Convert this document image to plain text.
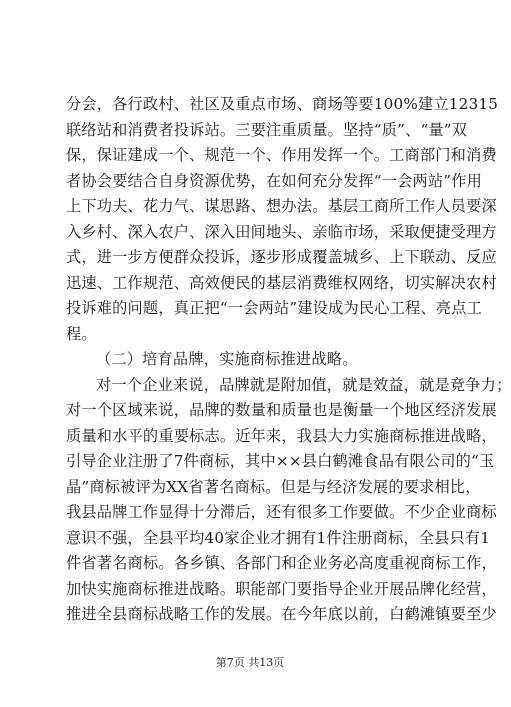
分会，各行政村、社区及重点市场、商场等要100%建立12315
联络站和消费者投诉站。三要注重质量。坚持“质”、“量”双
保，保证建成一个、规范一个、作用发挥一个。工商部门和消费
者协会要结合自身资源优势，在如何充分发挥“一会两站”作用
上下功夫、花力气、谋思路、想办法。基层工商所工作人员要深
入乡村、深入农户、深入田间地头、亲临市场，采取便捷受理方
式，进一步方便群众投诉，逐步形成覆盖城乡、上下联动、反应
迅速、工作规范、高效便民的基层消费维权网络，切实解决农村
投诉难的问题，真正把“一会两站”建设成为民心工程、亮点工
程。
（二）培育品牌，实施商标推进战略。
对一个企业来说，品牌就是附加值，就是效益，就是竞争力；
对一个区域来说，品牌的数量和质量也是衡量一个地区经济发展
质量和水平的重要标志。近年来，我县大力实施商标推进战略，
引导企业注册了7件商标，其中××县白鹤滩食品有限公司的“玉
晶”商标被评为XX省著名商标。但是与经济发展的要求相比，
我县品牌工作显得十分滞后，还有很多工作要做。不少企业商标
意识不强，全县平均40家企业才拥有1件注册商标，全县只有1
件省著名商标。各乡镇、各部门和企业务必高度重视商标工作，
加快实施商标推进战略。职能部门要指导企业开展品牌化经营，
推进全县商标战略工作的发展。在今年底以前，白鹤滩镇要至少
第7页 共13页
